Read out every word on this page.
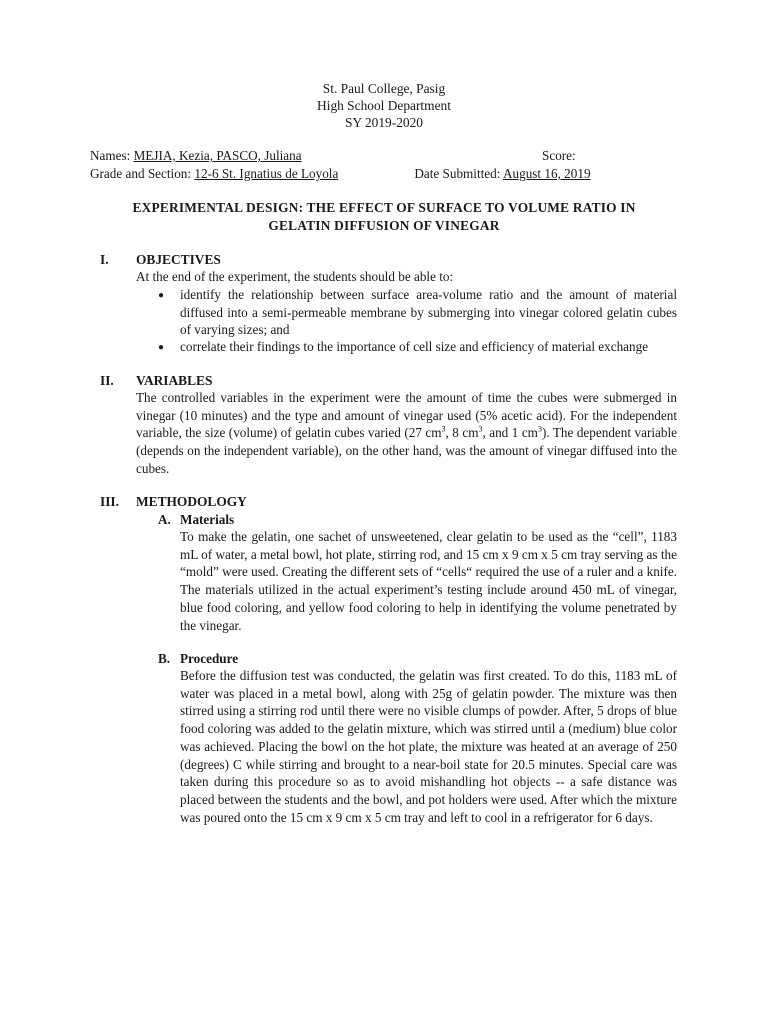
St. Paul College, Pasig
High School Department
SY 2019-2020
Names: MEJIA, Kezia, PASCO, Juliana	Score:
Grade and Section: 12-6 St. Ignatius de Loyola	Date Submitted: August 16, 2019
EXPERIMENTAL DESIGN: THE EFFECT OF SURFACE TO VOLUME RATIO IN
GELATIN DIFFUSION OF VINEGAR
I. OBJECTIVES
At the end of the experiment, the students should be able to:
● identify the relationship between surface area-volume ratio and the amount of material diffused into a semi-permeable membrane by submerging into vinegar colored gelatin cubes of varying sizes; and
● correlate their findings to the importance of cell size and efficiency of material exchange
II. VARIABLES
The controlled variables in the experiment were the amount of time the cubes were submerged in vinegar (10 minutes) and the type and amount of vinegar used (5% acetic acid). For the independent variable, the size (volume) of gelatin cubes varied (27 $cm^3$, 8 $cm^3$, and 1 $cm^3$). The dependent variable (depends on the independent variable), on the other hand, was the amount of vinegar diffused into the cubes.
III. METHODOLOGY
A. Materials
To make the gelatin, one sachet of unsweetened, clear gelatin to be used as the “cell”, 1183 mL of water, a metal bowl, hot plate, stirring rod, and 15 cm x 9 cm x 5 cm tray serving as the “mold” were used. Creating the different sets of “cells“ required the use of a ruler and a knife. The materials utilized in the actual experiment’s testing include around 450 mL of vinegar, blue food coloring, and yellow food coloring to help in identifying the volume penetrated by the vinegar.
B. Procedure
Before the diffusion test was conducted, the gelatin was first created. To do this, 1183 mL of water was placed in a metal bowl, along with 25g of gelatin powder. The mixture was then stirred using a stirring rod until there were no visible clumps of powder. After, 5 drops of blue food coloring was added to the gelatin mixture, which was stirred until a (medium) blue color was achieved. Placing the bowl on the hot plate, the mixture was heated at an average of 250 (degrees) C while stirring and brought to a near-boil state for 20.5 minutes. Special care was taken during this procedure so as to avoid mishandling hot objects -- a safe distance was placed between the students and the bowl, and pot holders were used. After which the mixture was poured onto the 15 cm x 9 cm x 5 cm tray and left to cool in a refrigerator for 6 days.
